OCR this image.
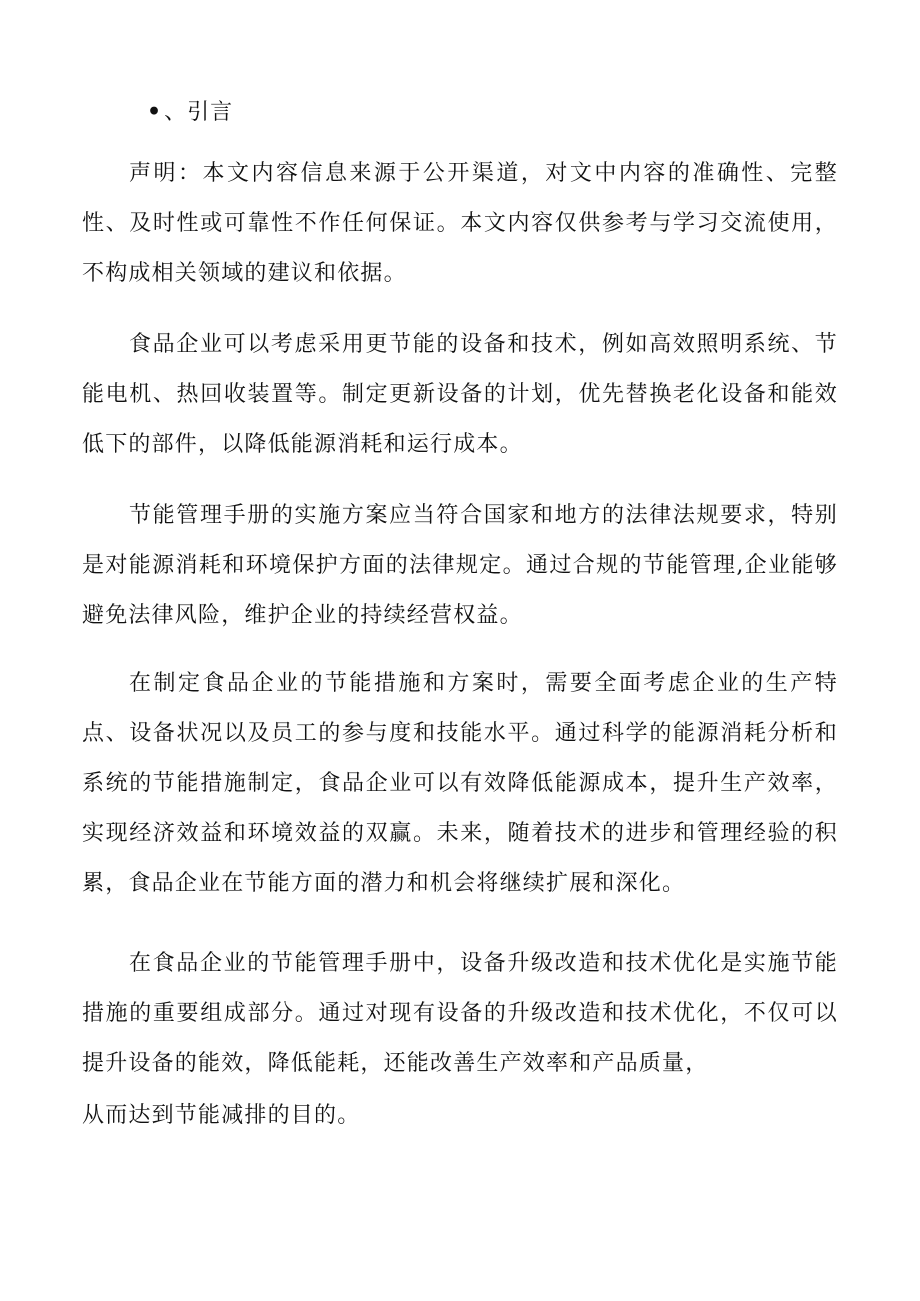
•、引言

声明：本文内容信息来源于公开渠道，对文中内容的准确性、完整性、及时性或可靠性不作任何保证。本文内容仅供参考与学习交流使用，不构成相关领域的建议和依据。

食品企业可以考虑采用更节能的设备和技术，例如高效照明系统、节能电机、热回收装置等。制定更新设备的计划，优先替换老化设备和能效低下的部件，以降低能源消耗和运行成本。

节能管理手册的实施方案应当符合国家和地方的法律法规要求，特别是对能源消耗和环境保护方面的法律规定。通过合规的节能管理,企业能够避免法律风险，维护企业的持续经营权益。

在制定食品企业的节能措施和方案时，需要全面考虑企业的生产特点、设备状况以及员工的参与度和技能水平。通过科学的能源消耗分析和系统的节能措施制定，食品企业可以有效降低能源成本，提升生产效率，实现经济效益和环境效益的双赢。未来，随着技术的进步和管理经验的积累，食品企业在节能方面的潜力和机会将继续扩展和深化。

在食品企业的节能管理手册中，设备升级改造和技术优化是实施节能措施的重要组成部分。通过对现有设备的升级改造和技术优化，不仅可以提升设备的能效，降低能耗，还能改善生产效率和产品质量，

从而达到节能减排的目的。
